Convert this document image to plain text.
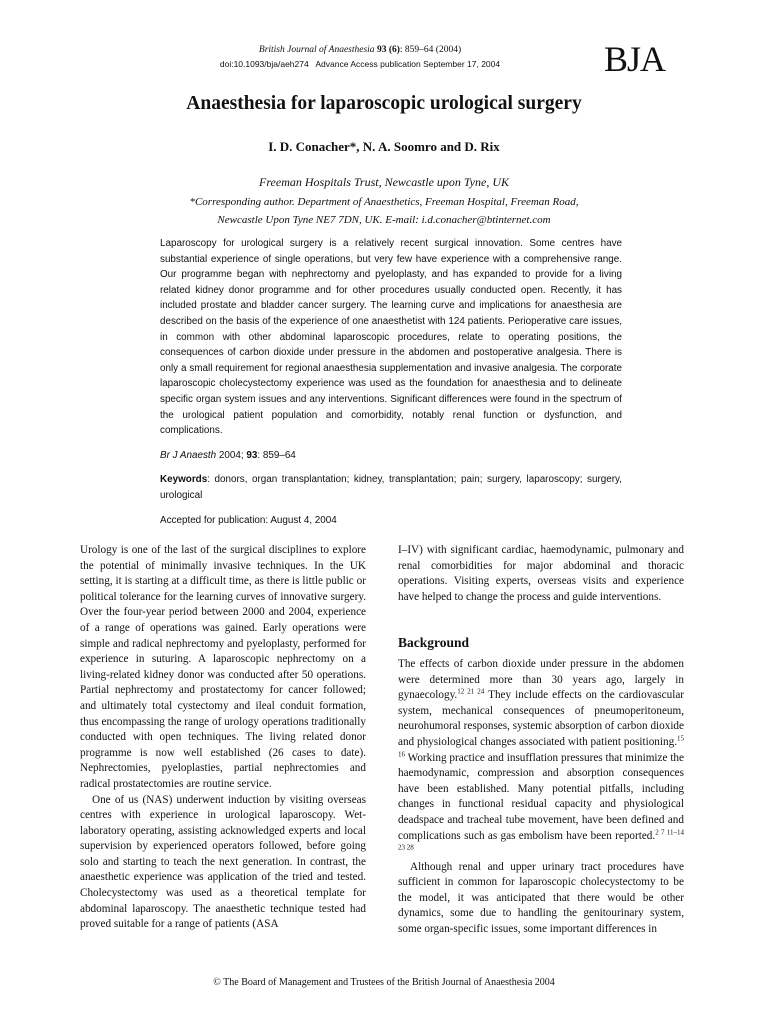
British Journal of Anaesthesia 93 (6): 859–64 (2004)
doi:10.1093/bja/aeh274 Advance Access publication September 17, 2004	BJA
Anaesthesia for laparoscopic urological surgery
I. D. Conacher*, N. A. Soomro and D. Rix
Freeman Hospitals Trust, Newcastle upon Tyne, UK
*Corresponding author. Department of Anaesthetics, Freeman Hospital, Freeman Road,
Newcastle Upon Tyne NE7 7DN, UK. E-mail: i.d.conacher@btinternet.com

Laparoscopy for urological surgery is a relatively recent surgical innovation. Some centres have substantial experience of single operations, but very few have experience with a comprehensive range. Our programme began with nephrectomy and pyeloplasty, and has expanded to provide for a living related kidney donor programme and for other procedures usually conducted open. Recently, it has included prostate and bladder cancer surgery. The learning curve and implications for anaesthesia are described on the basis of the experience of one anaesthetist with 124 patients. Perioperative care issues, in common with other abdominal laparoscopic procedures, relate to operating positions, the consequences of carbon dioxide under pressure in the abdomen and postoperative analgesia. There is only a small requirement for regional anaesthesia supplementation and invasive analgesia. The corporate laparoscopic cholecystectomy experience was used as the foundation for anaesthesia and to delineate specific organ system issues and any interventions. Significant differences were found in the spectrum of the urological patient population and comorbidity, notably renal function or dysfunction, and complications.

Br J Anaesth 2004; 93: 859–64

Keywords: donors, organ transplantation; kidney, transplantation; pain; surgery, laparoscopy; surgery, urological

Accepted for publication: August 4, 2004

Urology is one of the last of the surgical disciplines to explore the potential of minimally invasive techniques. In the UK setting, it is starting at a difficult time, as there is little public or political tolerance for the learning curves of innovative surgery. Over the four-year period between 2000 and 2004, experience of a range of operations was gained. Early operations were simple and radical nephrectomy and pyeloplasty, performed for experience in suturing. A laparoscopic nephrectomy on a living-related kidney donor was conducted after 50 operations. Partial nephrectomy and prostatectomy for cancer followed; and ultimately total cystectomy and ileal conduit formation, thus encompassing the range of urology operations traditionally conducted with open techniques. The living related donor programme is now well established (26 cases to date). Nephrectomies, pyeloplasties, partial nephrectomies and radical prostatectomies are routine service.

One of us (NAS) underwent induction by visiting overseas centres with experience in urological laparoscopy. Wet-laboratory operating, assisting acknowledged experts and local supervision by experienced operators followed, before going solo and starting to teach the next generation. In contrast, the anaesthetic experience was application of the tried and tested. Cholecystectomy was used as a theoretical template for abdominal laparoscopy. The anaesthetic technique tested had proved suitable for a range of patients (ASA

I–IV) with significant cardiac, haemodynamic, pulmonary and renal comorbidities for major abdominal and thoracic operations. Visiting experts, overseas visits and experience have helped to change the process and guide interventions.

Background

The effects of carbon dioxide under pressure in the abdomen were determined more than 30 years ago, largely in gynaecology.$^{12 21 24}$ They include effects on the cardiovascular system, mechanical consequences of pneumoperitoneum, neurohumoral responses, systemic absorption of carbon dioxide and physiological changes associated with patient positioning.$^{15 16}$ Working practice and insufflation pressures that minimize the haemodynamic, compression and absorption consequences have been established. Many potential pitfalls, including changes in functional residual capacity and physiological deadspace and tracheal tube movement, have been defined and complications such as gas embolism have been reported.$^{2 7 11-14 23 28}$

Although renal and upper urinary tract procedures have sufficient in common for laparoscopic cholecystectomy to be the model, it was anticipated that there would be other dynamics, some due to handling the genitourinary system, some organ-specific issues, some important differences in

© The Board of Management and Trustees of the British Journal of Anaesthesia 2004
